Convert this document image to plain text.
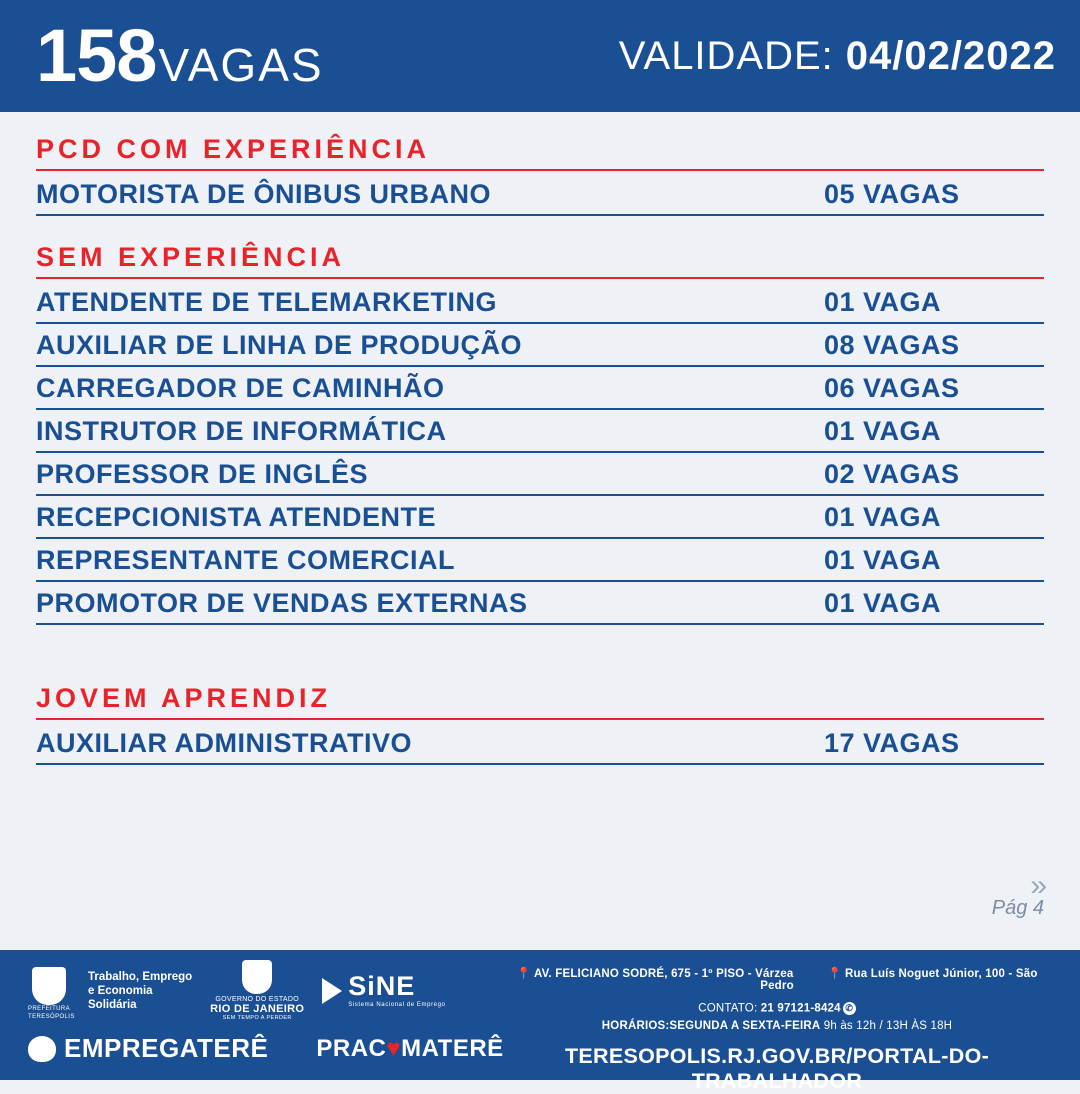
158 VAGAS	VALIDADE: 04/02/2022
PCD COM EXPERIÊNCIA
MOTORISTA DE ÔNIBUS URBANO	05 VAGAS
SEM EXPERIÊNCIA
ATENDENTE DE TELEMARKETING	01 VAGA
AUXILIAR DE LINHA DE PRODUÇÃO	08 VAGAS
CARREGADOR DE CAMINHÃO	06 VAGAS
INSTRUTOR DE INFORMÁTICA	01 VAGA
PROFESSOR DE INGLÊS	02 VAGAS
RECEPCIONISTA ATENDENTE	01 VAGA
REPRESENTANTE COMERCIAL	01 VAGA
PROMOTOR DE VENDAS EXTERNAS	01 VAGA
JOVEM APRENDIZ
AUXILIAR ADMINISTRATIVO	17 VAGAS
»
Pág 4
PREFEITURA
TERESÓPOLIS
Trabalho, Emprego
e Economia
Solidária	GOVERNO DO ESTADO
RIO DE JANEIRO
SEM TEMPO A PERDER
SiNE
Sistema Nacional de Emprego
EMPREGATERÊ PRAC♥MATERÊ
📍 AV. FELICIANO SODRÉ, 675 - 1º PISO - Várzea	📍 Rua Luís Noguet Júnior, 100 - São Pedro
CONTATO: 21 97121-8424 ✆
HORÁRIOS:SEGUNDA A SEXTA-FEIRA 9h às 12h / 13H ÀS 18H
TERESOPOLIS.RJ.GOV.BR/PORTAL-DO-TRABALHADOR
